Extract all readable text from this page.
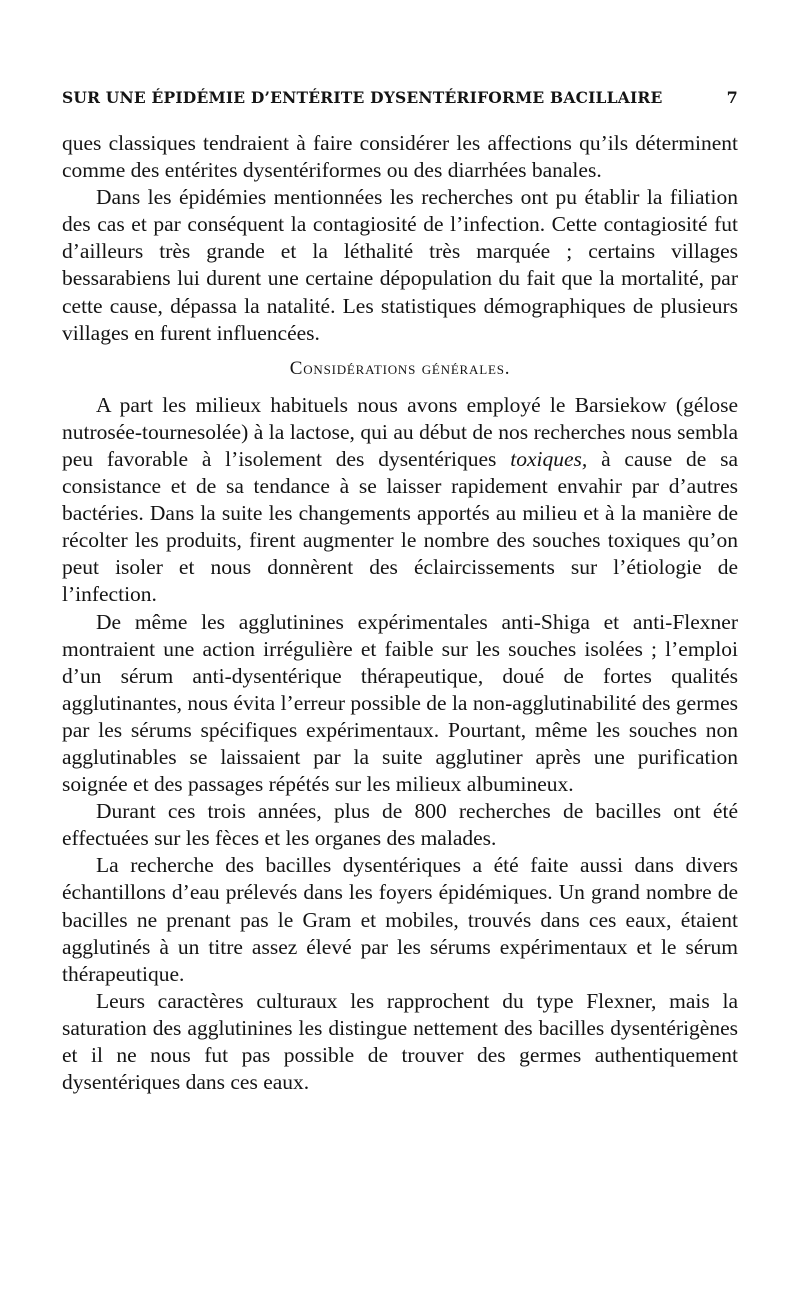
SUR UNE ÉPIDÉMIE D’ENTÉRITE DYSENTÉRIFORME BACILLAIRE	7

ques classiques tendraient à faire considérer les affections qu’ils déterminent comme des entérites dysentériformes ou des diarrhées banales.

Dans les épidémies mentionnées les recherches ont pu établir la filiation des cas et par conséquent la contagiosité de l’infection. Cette contagiosité fut d’ailleurs très grande et la léthalité très marquée ; certains villages bessarabiens lui durent une certaine dépopulation du fait que la mortalité, par cette cause, dépassa la natalité. Les statistiques démographiques de plusieurs villages en furent influencées.

Considérations générales.

A part les milieux habituels nous avons employé le Barsiekow (gélose nutrosée-tournesolée) à la lactose, qui au début de nos recherches nous sembla peu favorable à l’isolement des dysentériques toxiques, à cause de sa consistance et de sa tendance à se laisser rapidement envahir par d’autres bactéries. Dans la suite les changements apportés au milieu et à la manière de récolter les produits, firent augmenter le nombre des souches toxiques qu’on peut isoler et nous donnèrent des éclaircissements sur l’étiologie de l’infection.

De même les agglutinines expérimentales anti-Shiga et anti-Flexner montraient une action irrégulière et faible sur les souches isolées ; l’emploi d’un sérum anti-dysentérique thérapeutique, doué de fortes qualités agglutinantes, nous évita l’erreur possible de la non-agglutinabilité des germes par les sérums spécifiques expérimentaux. Pourtant, même les souches non agglutinables se laissaient par la suite agglutiner après une purification soignée et des passages répétés sur les milieux albumineux.

Durant ces trois années, plus de 800 recherches de bacilles ont été effectuées sur les fèces et les organes des malades.

La recherche des bacilles dysentériques a été faite aussi dans divers échantillons d’eau prélevés dans les foyers épidémiques. Un grand nombre de bacilles ne prenant pas le Gram et mobiles, trouvés dans ces eaux, étaient agglutinés à un titre assez élevé par les sérums expérimentaux et le sérum thérapeutique.

Leurs caractères culturaux les rapprochent du type Flexner, mais la saturation des agglutinines les distingue nettement des bacilles dysentérigènes et il ne nous fut pas possible de trouver des germes authentiquement dysentériques dans ces eaux.
